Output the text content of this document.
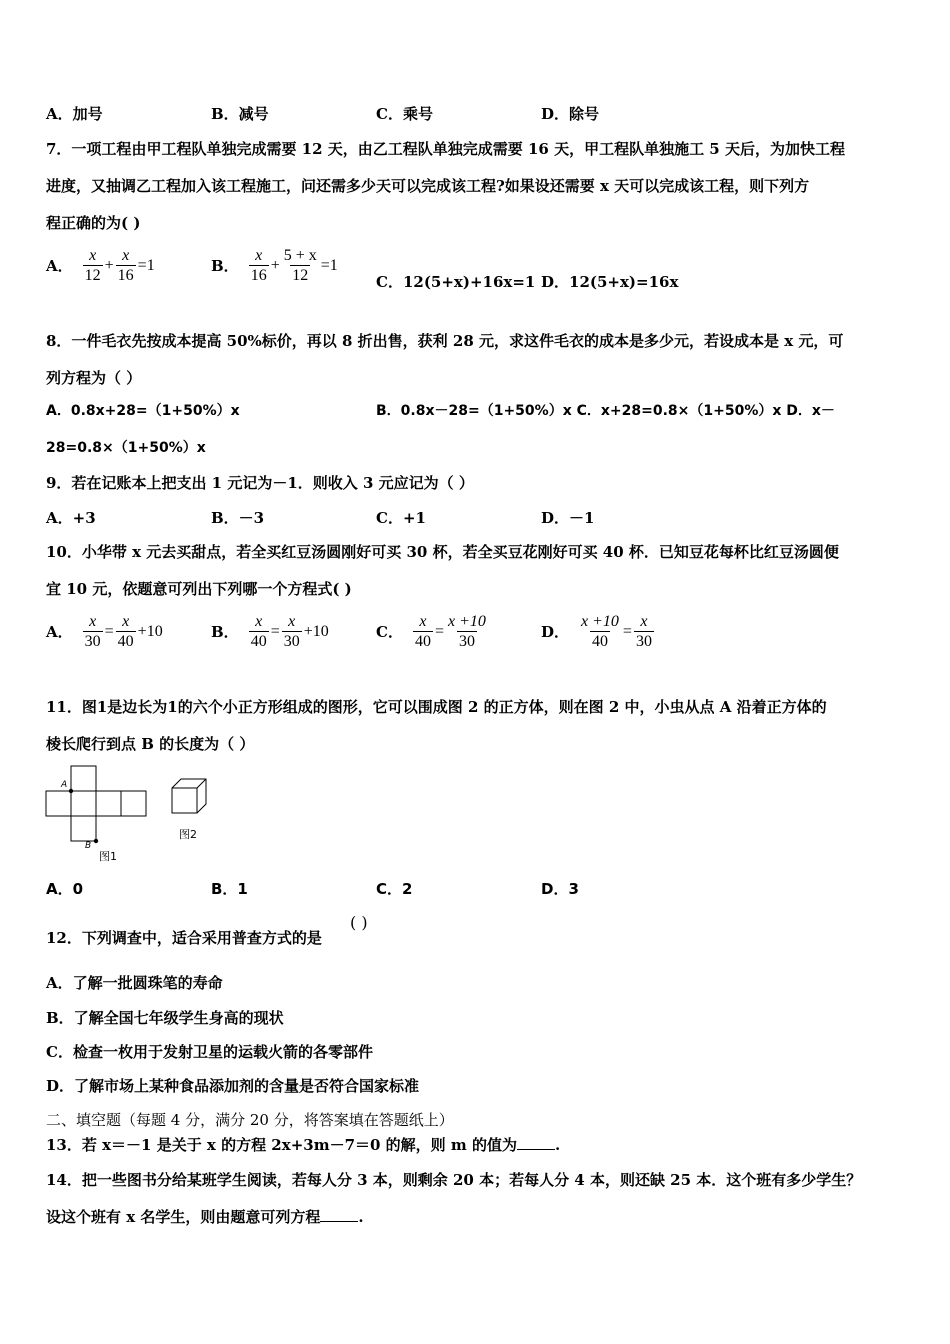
A．加号	B．减号	C．乘号	D．除号
7．一项工程由甲工程队单独完成需要 12 天，由乙工程队单独完成需要 16 天，甲工程队单独施工 5 天后，为加快工程
进度，又抽调乙工程加入该工程施工，问还需多少天可以完成该工程?如果设还需要 x 天可以完成该工程，则下列方
程正确的为( )
A． $\frac{x}{12} + \frac{x}{16} =1$	B． $\frac{x}{16} + \frac{5 + x}{12} =1$
C．12(5+x)+16x=1 D．12(5+x)=16x
8．一件毛衣先按成本提高 50%标价，再以 8 折出售，获利 28 元，求这件毛衣的成本是多少元，若设成本是 x 元，可
列方程为（ ）
A．0.8x+28=（1+50%）x	B．0.8x－28=（1+50%）x C．x+28=0.8×（1+50%）x D．x－
28=0.8×（1+50%）x
9．若在记账本上把支出 1 元记为－1．则收入 3 元应记为（ ）
A．+3	B．－3	C．+1	D．－1
10．小华带 x 元去买甜点，若全买红豆汤圆刚好可买 30 杯，若全买豆花刚好可买 40 杯．已知豆花每杯比红豆汤圆便
宜 10 元，依题意可列出下列哪一个方程式( )
A． $\frac{x}{30} = \frac{x}{40} +10$	B． $\frac{x}{40} = \frac{x}{30} +10$	C． $\frac{x}{40} = \frac{x +10}{30}$	D． $\frac{x +10}{40} = \frac{x}{30}$
11．图1是边长为1的六个小正方形组成的图形，它可以围成图 2 的正方体，则在图 2 中，小虫从点 A 沿着正方体的
棱长爬行到点 B 的长度为（ ）
A
B
图1
图2
A．0	B．1	C．2	D．3
12．下列调查中，适合采用普查方式的是
( )
A．了解一批圆珠笔的寿命
B．了解全国七年级学生身高的现状
C．检查一枚用于发射卫星的运载火箭的各零部件
D．了解市场上某种食品添加剂的含量是否符合国家标准
二、填空题（每题 4 分，满分 20 分，将答案填在答题纸上）
13．若 x＝－1 是关于 x 的方程 2x+3m－7＝0 的解，则 m 的值为	.
14．把一些图书分给某班学生阅读，若每人分 3 本，则剩余 20 本；若每人分 4 本，则还缺 25 本．这个班有多少学生？
设这个班有 x 名学生，则由题意可列方程	.
